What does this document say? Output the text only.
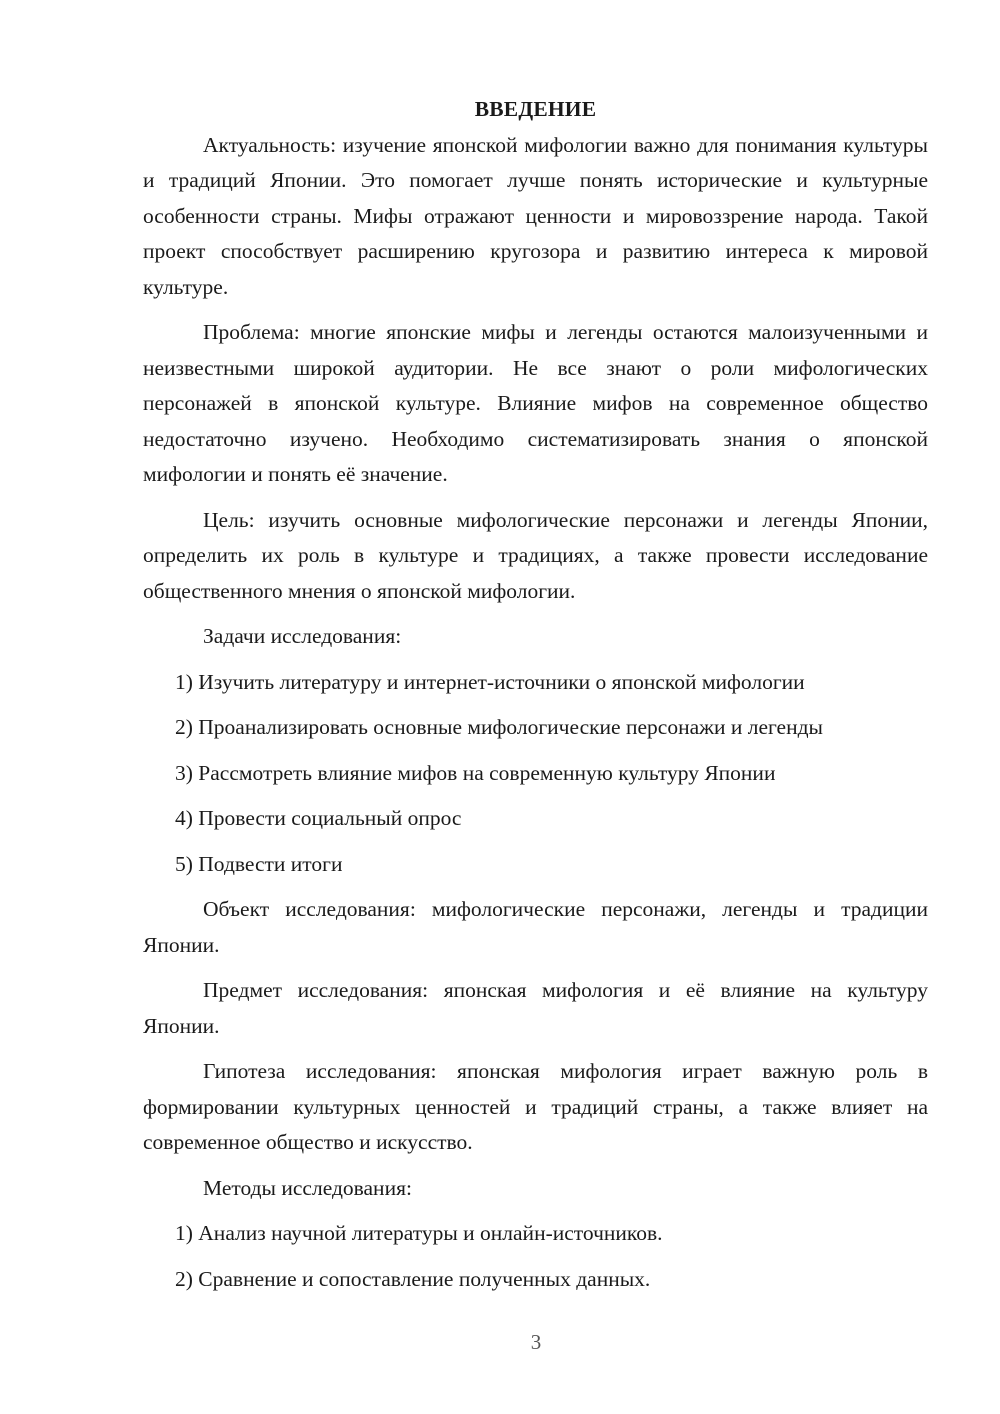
ВВЕДЕНИЕ

Актуальность: изучение японской мифологии важно для понимания культуры и традиций Японии. Это помогает лучше понять исторические и культурные особенности страны. Мифы отражают ценности и мировоззрение народа. Такой проект способствует расширению кругозора и развитию интереса к мировой культуре.

Проблема: многие японские мифы и легенды остаются малоизученными и неизвестными широкой аудитории. Не все знают о роли мифологических персонажей в японской культуре. Влияние мифов на современное общество недостаточно изучено. Необходимо систематизировать знания о японской мифологии и понять её значение.

Цель: изучить основные мифологические персонажи и легенды Японии, определить их роль в культуре и традициях, а также провести исследование общественного мнения о японской мифологии.

Задачи исследования:

1) Изучить литературу и интернет-источники о японской мифологии
2) Проанализировать основные мифологические персонажи и легенды
3) Рассмотреть влияние мифов на современную культуру Японии
4) Провести социальный опрос
5) Подвести итоги

Объект исследования: мифологические персонажи, легенды и традиции Японии.

Предмет исследования: японская мифология и её влияние на культуру Японии.

Гипотеза исследования: японская мифология играет важную роль в формировании культурных ценностей и традиций страны, а также влияет на современное общество и искусство.

Методы исследования:

1) Анализ научной литературы и онлайн-источников.
2) Сравнение и сопоставление полученных данных.
3
